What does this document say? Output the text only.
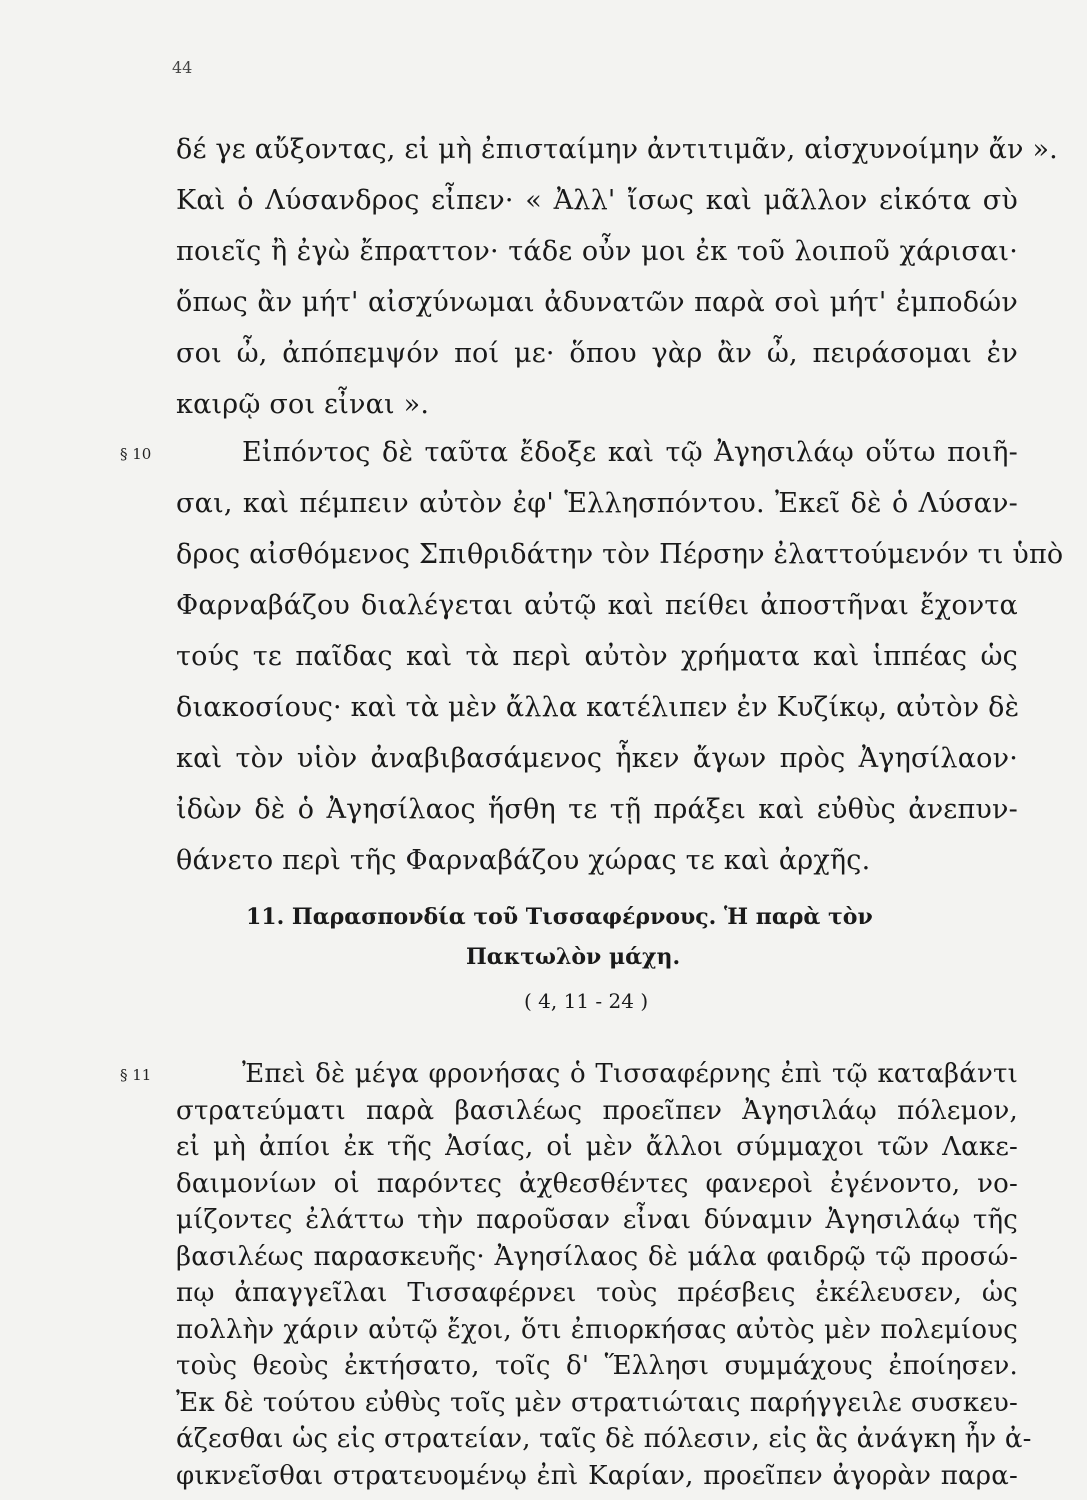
44
δέ γε αὔξοντας, εἰ μὴ ἐπισταίμην ἀντιτιμᾶν, αἰσχυνοίμην ἄν ».
Καὶ ὁ Λύσανδρος εἶπεν· « Ἀλλ' ἴσως καὶ μᾶλλον εἰκότα σὺ
ποιεῖς ἢ ἐγὼ ἔπραττον· τάδε οὖν μοι ἐκ τοῦ λοιποῦ χάρισαι·
ὅπως ἂν μήτ' αἰσχύνωμαι ἀδυνατῶν παρὰ σοὶ μήτ' ἐμποδών
σοι ὦ, ἀπόπεμψόν ποί με· ὅπου γὰρ ἂν ὦ, πειράσομαι ἐν
καιρῷ σοι εἶναι ».
§ 10	Εἰπόντος δὲ ταῦτα ἔδοξε καὶ τῷ Ἀγησιλάῳ οὕτω ποιῆ-
σαι, καὶ πέμπειν αὐτὸν ἐφ' Ἑλλησπόντου. Ἐκεῖ δὲ ὁ Λύσαν-
δρος αἰσθόμενος Σπιθριδάτην τὸν Πέρσην ἐλαττούμενόν τι ὑπὸ
Φαρναβάζου διαλέγεται αὐτῷ καὶ πείθει ἀποστῆναι ἔχοντα
τούς τε παῖδας καὶ τὰ περὶ αὐτὸν χρήματα καὶ ἱππέας ὡς
διακοσίους· καὶ τὰ μὲν ἄλλα κατέλιπεν ἐν Κυζίκῳ, αὐτὸν δὲ
καὶ τὸν υἱὸν ἀναβιβασάμενος ἧκεν ἄγων πρὸς Ἀγησίλαον·
ἰδὼν δὲ ὁ Ἀγησίλαος ἥσθη τε τῇ πράξει καὶ εὐθὺς ἀνεπυν-
θάνετο περὶ τῆς Φαρναβάζου χώρας τε καὶ ἀρχῆς.
11. Παρασπονδία τοῦ Τισσαφέρνους. Ἡ παρὰ τὸν
Πακτωλὸν μάχη.
( 4, 11 - 24 )
§ 11	Ἐπεὶ δὲ μέγα φρονήσας ὁ Τισσαφέρνης ἐπὶ τῷ καταβάντι
στρατεύματι παρὰ βασιλέως προεῖπεν Ἀγησιλάῳ πόλεμον,
εἰ μὴ ἀπίοι ἐκ τῆς Ἀσίας, οἱ μὲν ἄλλοι σύμμαχοι τῶν Λακε-
δαιμονίων οἱ παρόντες ἀχθεσθέντες φανεροὶ ἐγένοντο, νο-
μίζοντες ἐλάττω τὴν παροῦσαν εἶναι δύναμιν Ἀγησιλάῳ τῆς
βασιλέως παρασκευῆς· Ἀγησίλαος δὲ μάλα φαιδρῷ τῷ προσώ-
πῳ ἀπαγγεῖλαι Τισσαφέρνει τοὺς πρέσβεις ἐκέλευσεν, ὡς
πολλὴν χάριν αὐτῷ ἔχοι, ὅτι ἐπιορκήσας αὐτὸς μὲν πολεμίους
τοὺς θεοὺς ἐκτήσατο, τοῖς δ' Ἕλλησι συμμάχους ἐποίησεν.
Ἐκ δὲ τούτου εὐθὺς τοῖς μὲν στρατιώταις παρήγγειλε συσκευ-
άζεσθαι ὡς εἰς στρατείαν, ταῖς δὲ πόλεσιν, εἰς ἃς ἀνάγκη ἦν ἀ-
φικνεῖσθαι στρατευομένῳ ἐπὶ Καρίαν, προεῖπεν ἀγορὰν παρα-
